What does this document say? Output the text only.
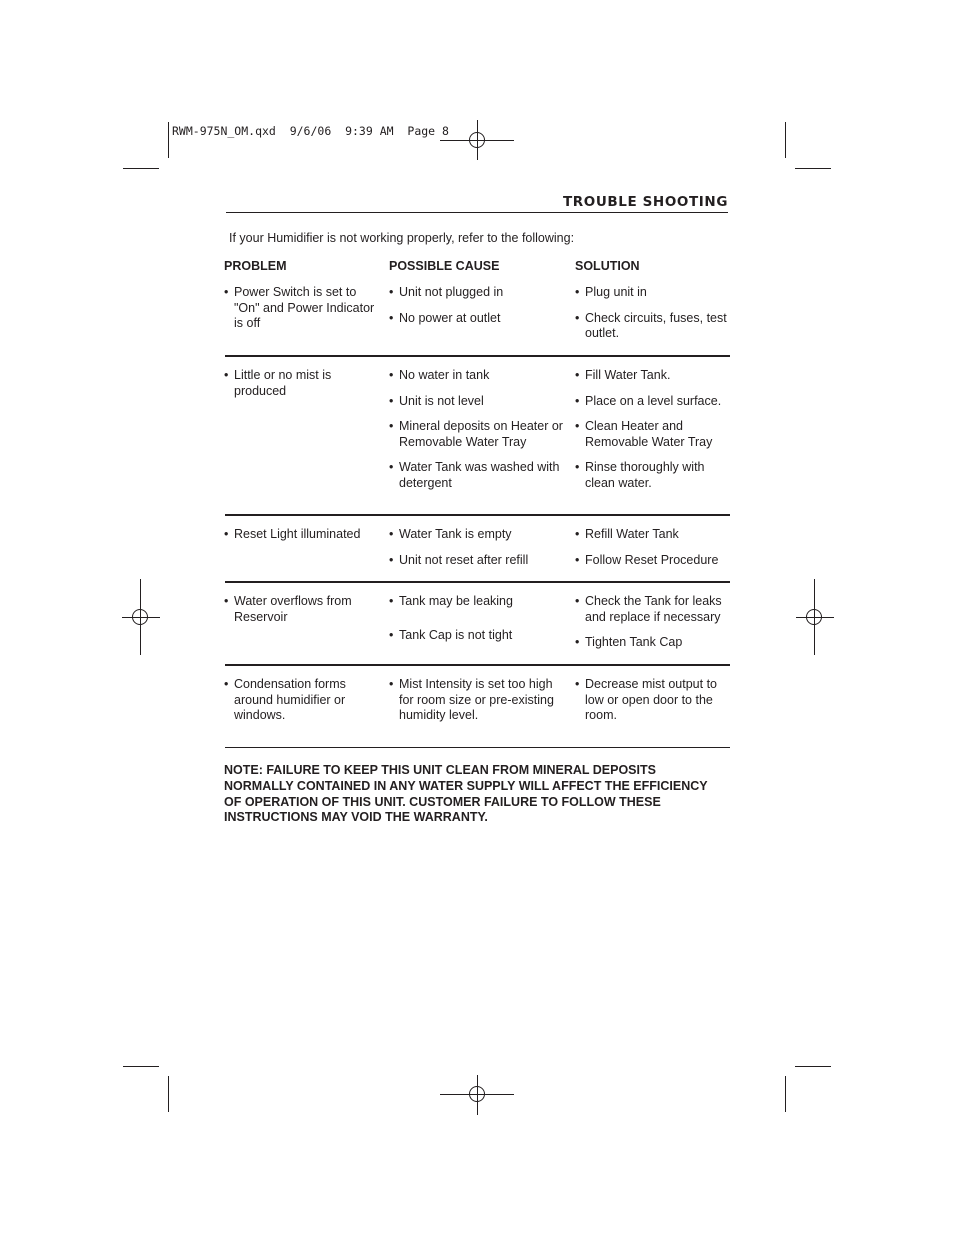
RWM-975N_OM.qxd  9/6/06  9:39 AM  Page 8

TROUBLE SHOOTING

If your Humidifier is not working properly, refer to the following:

PROBLEM	POSSIBLE CAUSE	SOLUTION

• Power Switch is set to "On" and Power Indicator is off
• Unit not plugged in
• No power at outlet
• Plug unit in
• Check circuits, fuses, test outlet.
• Little or no mist is produced
• No water in tank
• Unit is not level
• Mineral deposits on Heater or Removable Water Tray
• Water Tank was washed with detergent
• Fill Water Tank.
• Place on a level surface.
• Clean Heater and Removable Water Tray
• Rinse thoroughly with clean water.
• Reset Light illuminated
•	Water Tank is empty
• Unit not reset after refill
• Refill Water Tank
• Follow Reset Procedure
• Water overflows from Reservoir
• Tank may be leaking
• Tank Cap is not tight
• Check the Tank for leaks and replace if necessary
• Tighten Tank Cap
• Condensation forms around humidifier or windows.
• Mist Intensity is set too high for room size or pre-existing humidity level.
• Decrease mist output to low or open door to the room.

NOTE: FAILURE TO KEEP THIS UNIT CLEAN FROM MINERAL DEPOSITS NORMALLY CONTAINED IN ANY WATER SUPPLY WILL AFFECT THE EFFICIENCY OF OPERATION OF THIS UNIT. CUSTOMER FAILURE TO FOLLOW THESE INSTRUCTIONS MAY VOID THE WARRANTY.
